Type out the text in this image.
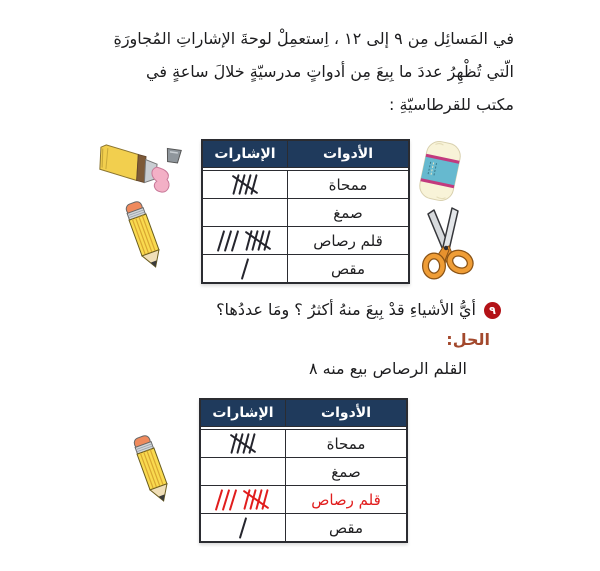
في المَسائِل مِن ٩ إلى ١٢ ، اِستعمِلْ لوحةَ الإشاراتِ المُجاورَةِ
الّتي تُظْهِرُ عددَ ما بِيعَ مِن أدواتٍ مدرسيّةٍ خلالَ ساعةٍ في
مكتب للقرطاسيّةِ :
الأدوات
الإشارات
ممحاة
صمغ
قلم رصاص
مقص
٩
أيُّ الأشياءِ قدْ بِيعَ منهُ أكثرُ ؟ ومَا عددُها؟
الحل:
القلم الرصاص بيع منه ٨
الأدوات
الإشارات
ممحاة
صمغ
قلم رصاص
مقص
